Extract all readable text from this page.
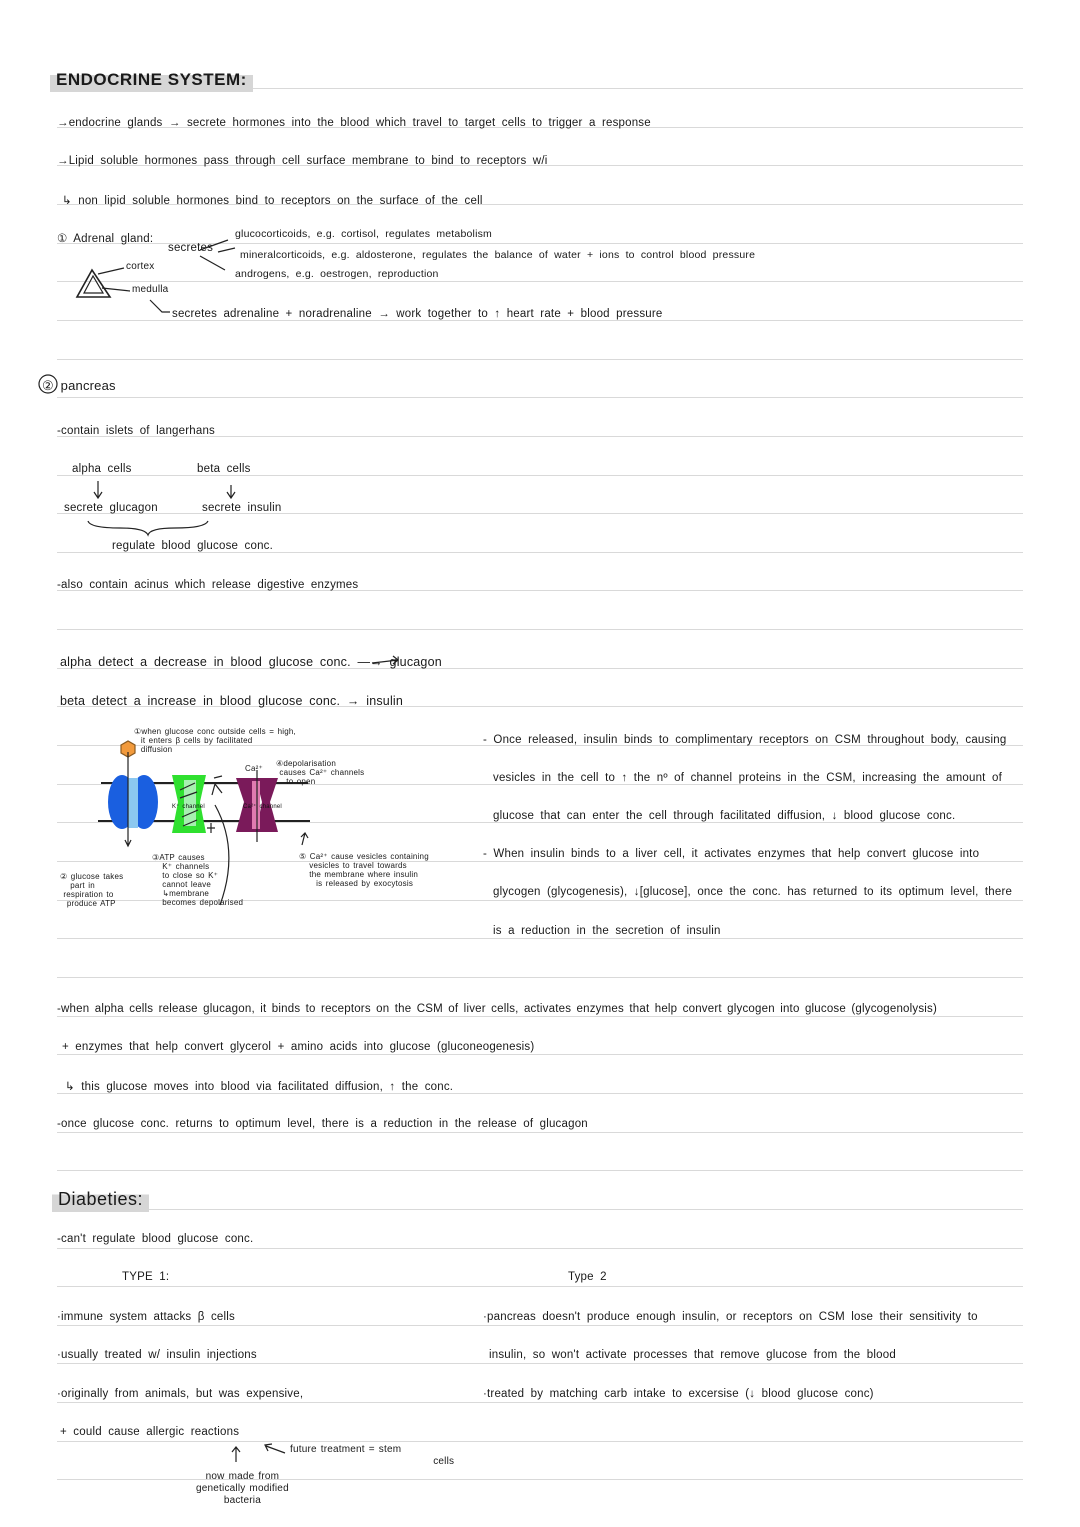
ENDOCRINE SYSTEM:
→endocrine glands → secrete hormones into the blood which travel to target cells to trigger a response
→Lipid soluble hormones pass through cell surface membrane to bind to receptors w/i
↳ non lipid soluble hormones bind to receptors on the surface of the cell
① Adrenal gland:
secretes
glucocorticoids, e.g. cortisol, regulates metabolism
mineralcorticoids, e.g. aldosterone, regulates the balance of water + ions to control blood pressure
androgens, e.g. oestrogen, reproduction
cortex
medulla
secretes adrenaline + noradrenaline → work together to ↑ heart rate + blood pressure
② pancreas
-contain islets of langerhans
alpha cells	beta cells
secrete glucagon	secrete insulin
regulate blood glucose conc.
-also contain acinus which release digestive enzymes
alpha detect a decrease in blood glucose conc. —→ glucagon
beta detect a increase in blood glucose conc. → insulin
①when glucose conc outside cells = high,
it enters β cells by facilitated
diffusion
② glucose takes
part in
respiration to
produce ATP
③ATP causes
K⁺ channels
to close so K⁺
cannot leave
↳membrane
becomes depolarised
④depolarisation
causes Ca²⁺ channels
to open
⑤ Ca²⁺ cause vesicles containing
vesicles to travel towards
the membrane where insulin
is released by exocytosis
K⁺ channel	Ca²⁺ channel
Ca²⁺
- Once released, insulin binds to complimentary receptors on CSM throughout body, causing
vesicles in the cell to ↑ the nº of channel proteins in the CSM, increasing the amount of
glucose that can enter the cell through facilitated diffusion, ↓ blood glucose conc.
- When insulin binds to a liver cell, it activates enzymes that help convert glucose into
glycogen (glycogenesis), ↓[glucose], once the conc. has returned to its optimum level, there
is a reduction in the secretion of insulin
-when alpha cells release glucagon, it binds to receptors on the CSM of liver cells, activates enzymes that help convert glycogen into glucose (glycogenolysis)
+ enzymes that help convert glycerol + amino acids into glucose (gluconeogenesis)
↳ this glucose moves into blood via facilitated diffusion, ↑ the conc.
-once glucose conc. returns to optimum level, there is a reduction in the release of glucagon
Diabeties:
-can't regulate blood glucose conc.
TYPE 1:	Type 2
·immune system attacks β cells
·usually treated w/ insulin injections
·originally from animals, but was expensive,
+ could cause allergic reactions
·pancreas doesn't produce enough insulin, or receptors on CSM lose their sensitivity to
insulin, so won't activate processes that remove glucose from the blood
·treated by matching carb intake to excersise (↓ blood glucose conc)
now made from
genetically modified
bacteria
future treatment = stem
cells
